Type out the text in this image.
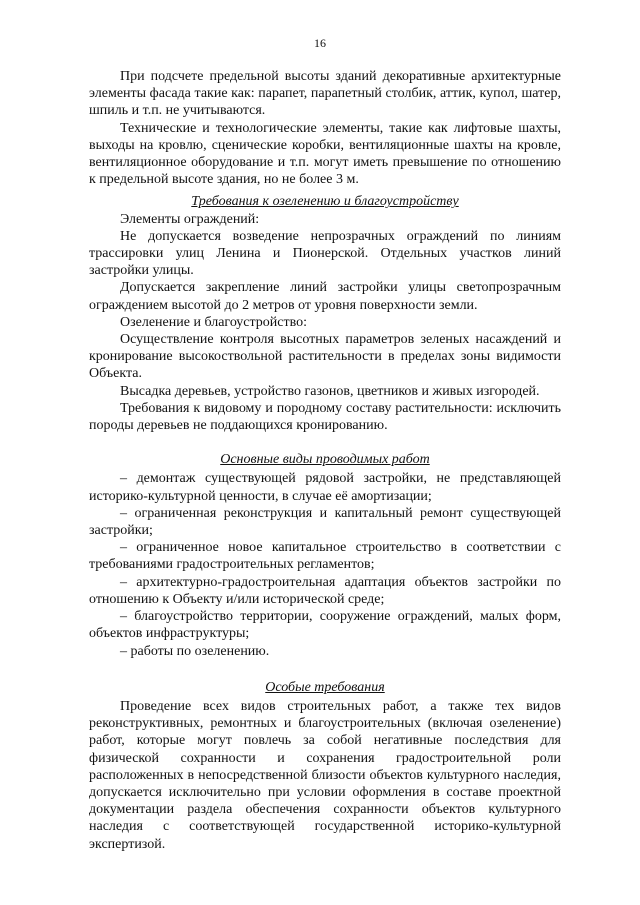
16

При подсчете предельной высоты зданий декоративные архитектурные элементы фасада такие как: парапет, парапетный столбик, аттик, купол, шатер, шпиль и т.п. не учитываются.

Технические и технологические элементы, такие как лифтовые шахты, выходы на кровлю, сценические коробки, вентиляционные шахты на кровле, вентиляционное оборудование и т.п. могут иметь превышение по отношению к предельной высоте здания, но не более 3 м.

Требования к озеленению и благоустройству

Элементы ограждений:

Не допускается возведение непрозрачных ограждений по линиям трассировки улиц Ленина и Пионерской. Отдельных участков линий застройки улицы.

Допускается закрепление линий застройки улицы светопрозрачным ограждением высотой до 2 метров от уровня поверхности земли.

Озеленение и благоустройство:

Осуществление контроля высотных параметров зеленых насаждений и кронирование высокоствольной растительности в пределах зоны видимости Объекта.

Высадка деревьев, устройство газонов, цветников и живых изгородей.

Требования к видовому и породному составу растительности: исключить породы деревьев не поддающихся кронированию.

Основные виды проводимых работ

– демонтаж существующей рядовой застройки, не представляющей историко-культурной ценности, в случае её амортизации;

– ограниченная реконструкция и капитальный ремонт существующей застройки;

– ограниченное новое капитальное строительство в соответствии с требованиями градостроительных регламентов;

– архитектурно-градостроительная адаптация объектов застройки по отношению к Объекту и/или исторической среде;

– благоустройство территории, сооружение ограждений, малых форм, объектов инфраструктуры;

– работы по озеленению.

Особые требования

Проведение всех видов строительных работ, а также тех видов реконструктивных, ремонтных и благоустроительных (включая озеленение) работ, которые могут повлечь за собой негативные последствия для физической сохранности и сохранения градостроительной роли расположенных в непосредственной близости объектов культурного наследия, допускается исключительно при условии оформления в составе проектной документации раздела обеспечения сохранности объектов культурного наследия с соответствующей государственной историко-культурной экспертизой.
